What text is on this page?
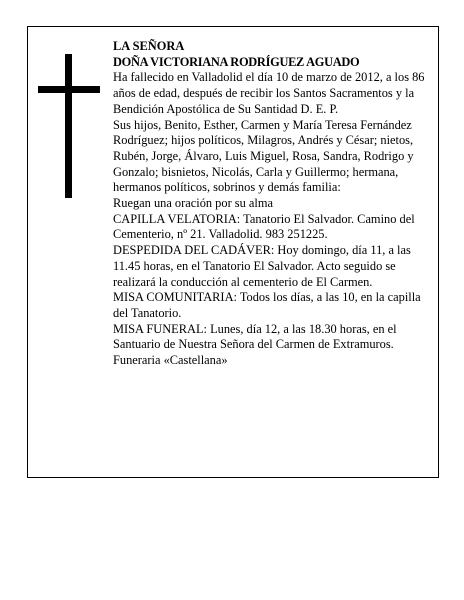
LA SEÑORA

DOÑA VICTORIANA RODRÍGUEZ AGUADO

Ha fallecido en Valladolid el día 10 de marzo de 2012, a los 86 años de edad, después de recibir los Santos Sacramentos y la Bendición Apostólica de Su Santidad D. E. P.

Sus hijos, Benito, Esther, Carmen y María Teresa Fernández Rodríguez; hijos políticos, Milagros, Andrés y César; nietos, Rubén, Jorge, Álvaro, Luis Miguel, Rosa, Sandra, Rodrigo y Gonzalo; bisnietos, Nicolás, Carla y Guillermo; hermana, hermanos políticos, sobrinos y demás familia:

Ruegan una oración por su alma

CAPILLA VELATORIA: Tanatorio El Salvador. Camino del Cementerio, nº 21. Valladolid. 983 251225.

DESPEDIDA DEL CADÁVER: Hoy domingo, día 11, a las 11.45 horas, en el Tanatorio El Salvador. Acto seguido se realizará la conducción al cementerio de El Carmen.

MISA COMUNITARIA: Todos los días, a las 10, en la capilla del Tanatorio.

MISA FUNERAL: Lunes, día 12, a las 18.30 horas, en el Santuario de Nuestra Señora del Carmen de Extramuros.

Funeraria «Castellana»
